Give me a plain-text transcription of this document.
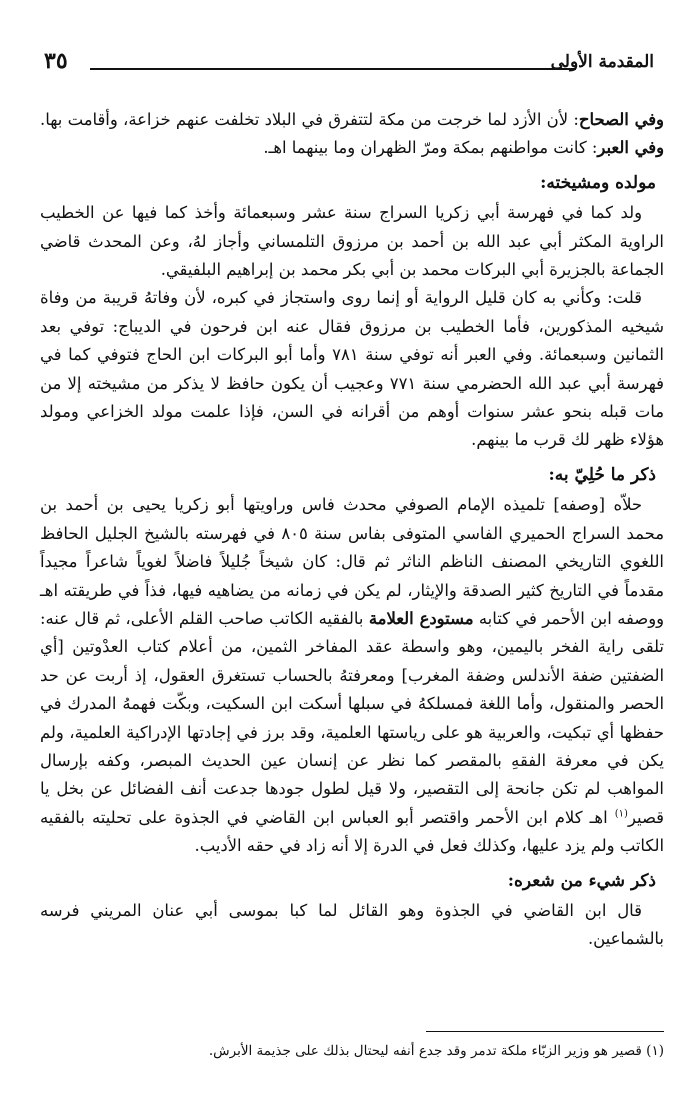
المقدمة الأولى
٣٥

وفي الصحاح: لأن الأزد لما خرجت من مكة لتتفرق في البلاد تخلفت عنهم خزاعة، وأقامت بها. وفي العبر: كانت مواطنهم بمكة ومرّ الظهران وما بينهما اهـ.

مولده ومشيخته:

ولد كما في فهرسة أبي زكريا السراج سنة عشر وسبعمائة وأخذ كما فيها عن الخطيب الراوية المكثر أبي عبد الله بن أحمد بن مرزوق التلمساني وأجاز لهُ، وعن المحدث قاضي الجماعة بالجزيرة أبي البركات محمد بن أبي بكر محمد بن إبراهيم البلفيقي.

قلت: وكأني به كان قليل الرواية أو إنما روى واستجاز في كبره، لأن وفاتهُ قريبة من وفاة شيخيه المذكورين، فأما الخطيب بن مرزوق فقال عنه ابن فرحون في الديباج: توفي بعد الثمانين وسبعمائة. وفي العبر أنه توفي سنة ٧٨١ وأما أبو البركات ابن الحاج فتوفي كما في فهرسة أبي عبد الله الحضرمي سنة ٧٧١ وعجيب أن يكون حافظ لا يذكر من مشيخته إلا من مات قبله بنحو عشر سنوات أوهم من أقرانه في السن، فإذا علمت مولد الخزاعي ومولد هؤلاء ظهر لك قرب ما بينهم.

ذكر ما حُلِيّ به:

حلاّه [وصفه] تلميذه الإمام الصوفي محدث فاس وراويتها أبو زكريا يحيى بن أحمد بن محمد السراج الحميري الفاسي المتوفى بفاس سنة ٨٠٥ في فهرسته بالشيخ الجليل الحافظ اللغوي التاريخي المصنف الناظم الناثر ثم قال: كان شيخاً جُليلاً فاضلاً لغوياً شاعراً مجيداً مقدماً في التاريخ كثير الصدقة والإيثار، لم يكن في زمانه من يضاهيه فيها، فذاً في طريقته اهـ ووصفه ابن الأحمر في كتابه مستودع العلامة بالفقيه الكاتب صاحب القلم الأعلى، ثم قال عنه: تلقى راية الفخر باليمين، وهو واسطة عقد المفاخر الثمين، من أعلام كتاب العدْوتين [أي الضفتين ضفة الأندلس وضفة المغرب] ومعرفتهُ بالحساب تستغرق العقول، إذ أربت عن حد الحصر والمنقول، وأما اللغة فمسلكهُ في سبلها أسكت ابن السكيت، وبكّت فهمهُ المدرك في حفظها أي تبكيت، والعربية هو على رياستها العلمية، وقد برز في إجادتها الإدراكية العلمية، ولم يكن في معرفة الفقهِ بالمقصر كما نظر عن إنسان عين الحديث المبصر، وكفه بإرسال المواهب لم تكن جانحة إلى التقصير، ولا قيل لطول جودها جدعت أنف الفضائل عن بخل يا قصير$^{(١)}$ اهـ كلام ابن الأحمر واقتصر أبو العباس ابن القاضي في الجذوة على تحليته بالفقيه الكاتب ولم يزد عليها، وكذلك فعل في الدرة إلا أنه زاد في حقه الأديب.

ذكر شيء من شعره:

قال ابن القاضي في الجذوة وهو القائل لما كبا بموسى أبي عنان المريني فرسه بالشماعين.

(١) قصير هو وزير الزبّاء ملكة تدمر وقد جدع أنفه ليحتال بذلك على جذيمة الأبرش.
